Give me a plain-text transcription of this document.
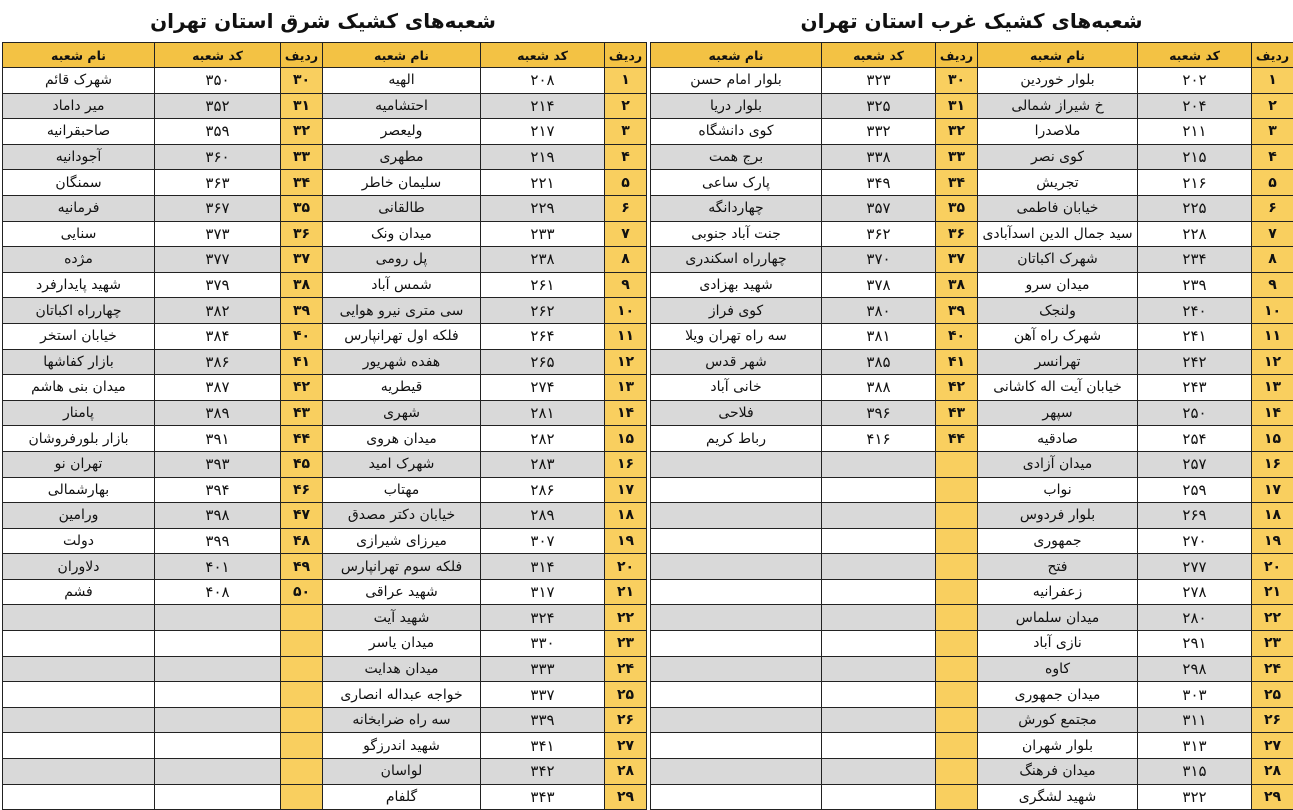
شعبه‌های کشیک غرب استان تهران
شعبه‌های کشیک شرق استان تهران
ردیف	کد شعبه	نام شعبه	ردیف	کد شعبه	نام شعبه
۱	۲۰۲	بلوار خوردین	۳۰	۳۲۳	بلوار امام حسن
۲	۲۰۴	خ شیراز شمالی	۳۱	۳۲۵	بلوار دریا
۳	۲۱۱	ملاصدرا	۳۲	۳۳۲	کوی دانشگاه
۴	۲۱۵	کوی نصر	۳۳	۳۳۸	برج همت
۵	۲۱۶	تجریش	۳۴	۳۴۹	پارک ساعی
۶	۲۲۵	خیابان فاطمی	۳۵	۳۵۷	چهاردانگه
۷	۲۲۸	سید جمال الدین اسدآبادی	۳۶	۳۶۲	جنت آباد جنوبی
۸	۲۳۴	شهرک اکباتان	۳۷	۳۷۰	چهارراه اسکندری
۹	۲۳۹	میدان سرو	۳۸	۳۷۸	شهید بهزادی
۱۰	۲۴۰	ولنجک	۳۹	۳۸۰	کوی فراز
۱۱	۲۴۱	شهرک راه آهن	۴۰	۳۸۱	سه راه تهران ویلا
۱۲	۲۴۲	تهرانسر	۴۱	۳۸۵	شهر قدس
۱۳	۲۴۳	خیابان آیت اله کاشانی	۴۲	۳۸۸	خانی آباد
۱۴	۲۵۰	سپهر	۴۳	۳۹۶	فلاحی
۱۵	۲۵۴	صادقیه	۴۴	۴۱۶	رباط کریم
۱۶	۲۵۷	میدان آزادی			
۱۷	۲۵۹	نواب			
۱۸	۲۶۹	بلوار فردوس			
۱۹	۲۷۰	جمهوری			
۲۰	۲۷۷	فتح			
۲۱	۲۷۸	زعفرانیه			
۲۲	۲۸۰	میدان سلماس			
۲۳	۲۹۱	نازی آباد			
۲۴	۲۹۸	کاوه			
۲۵	۳۰۳	میدان جمهوری			
۲۶	۳۱۱	مجتمع کورش			
۲۷	۳۱۳	بلوار شهران			
۲۸	۳۱۵	میدان فرهنگ			
۲۹	۳۲۲	شهید لشگری			
ردیف	کد شعبه	نام شعبه	ردیف	کد شعبه	نام شعبه
۱	۲۰۸	الهیه	۳۰	۳۵۰	شهرک قائم
۲	۲۱۴	احتشامیه	۳۱	۳۵۲	میر داماد
۳	۲۱۷	ولیعصر	۳۲	۳۵۹	صاحبقرانیه
۴	۲۱۹	مطهری	۳۳	۳۶۰	آجودانیه
۵	۲۲۱	سلیمان خاطر	۳۴	۳۶۳	سمنگان
۶	۲۲۹	طالقانی	۳۵	۳۶۷	فرمانیه
۷	۲۳۳	میدان ونک	۳۶	۳۷۳	سنایی
۸	۲۳۸	پل رومی	۳۷	۳۷۷	مژده
۹	۲۶۱	شمس آباد	۳۸	۳۷۹	شهید پایدارفرد
۱۰	۲۶۲	سی متری نیرو هوایی	۳۹	۳۸۲	چهارراه اکباتان
۱۱	۲۶۴	فلکه اول تهرانپارس	۴۰	۳۸۴	خیابان استخر
۱۲	۲۶۵	هفده شهریور	۴۱	۳۸۶	بازار کفاشها
۱۳	۲۷۴	قیطریه	۴۲	۳۸۷	میدان بنی هاشم
۱۴	۲۸۱	شهری	۴۳	۳۸۹	پامنار
۱۵	۲۸۲	میدان هروی	۴۴	۳۹۱	بازار بلورفروشان
۱۶	۲۸۳	شهرک امید	۴۵	۳۹۳	تهران نو
۱۷	۲۸۶	مهتاب	۴۶	۳۹۴	بهارشمالی
۱۸	۲۸۹	خیابان دکتر مصدق	۴۷	۳۹۸	ورامین
۱۹	۳۰۷	میرزای شیرازی	۴۸	۳۹۹	دولت
۲۰	۳۱۴	فلکه سوم تهرانپارس	۴۹	۴۰۱	دلاوران
۲۱	۳۱۷	شهید عراقی	۵۰	۴۰۸	فشم
۲۲	۳۲۴	شهید آیت			
۲۳	۳۳۰	میدان یاسر			
۲۴	۳۳۳	میدان هدایت			
۲۵	۳۳۷	خواجه عبداله انصاری			
۲۶	۳۳۹	سه راه ضرابخانه			
۲۷	۳۴۱	شهید اندرزگو			
۲۸	۳۴۲	لواسان			
۲۹	۳۴۳	گلفام			
